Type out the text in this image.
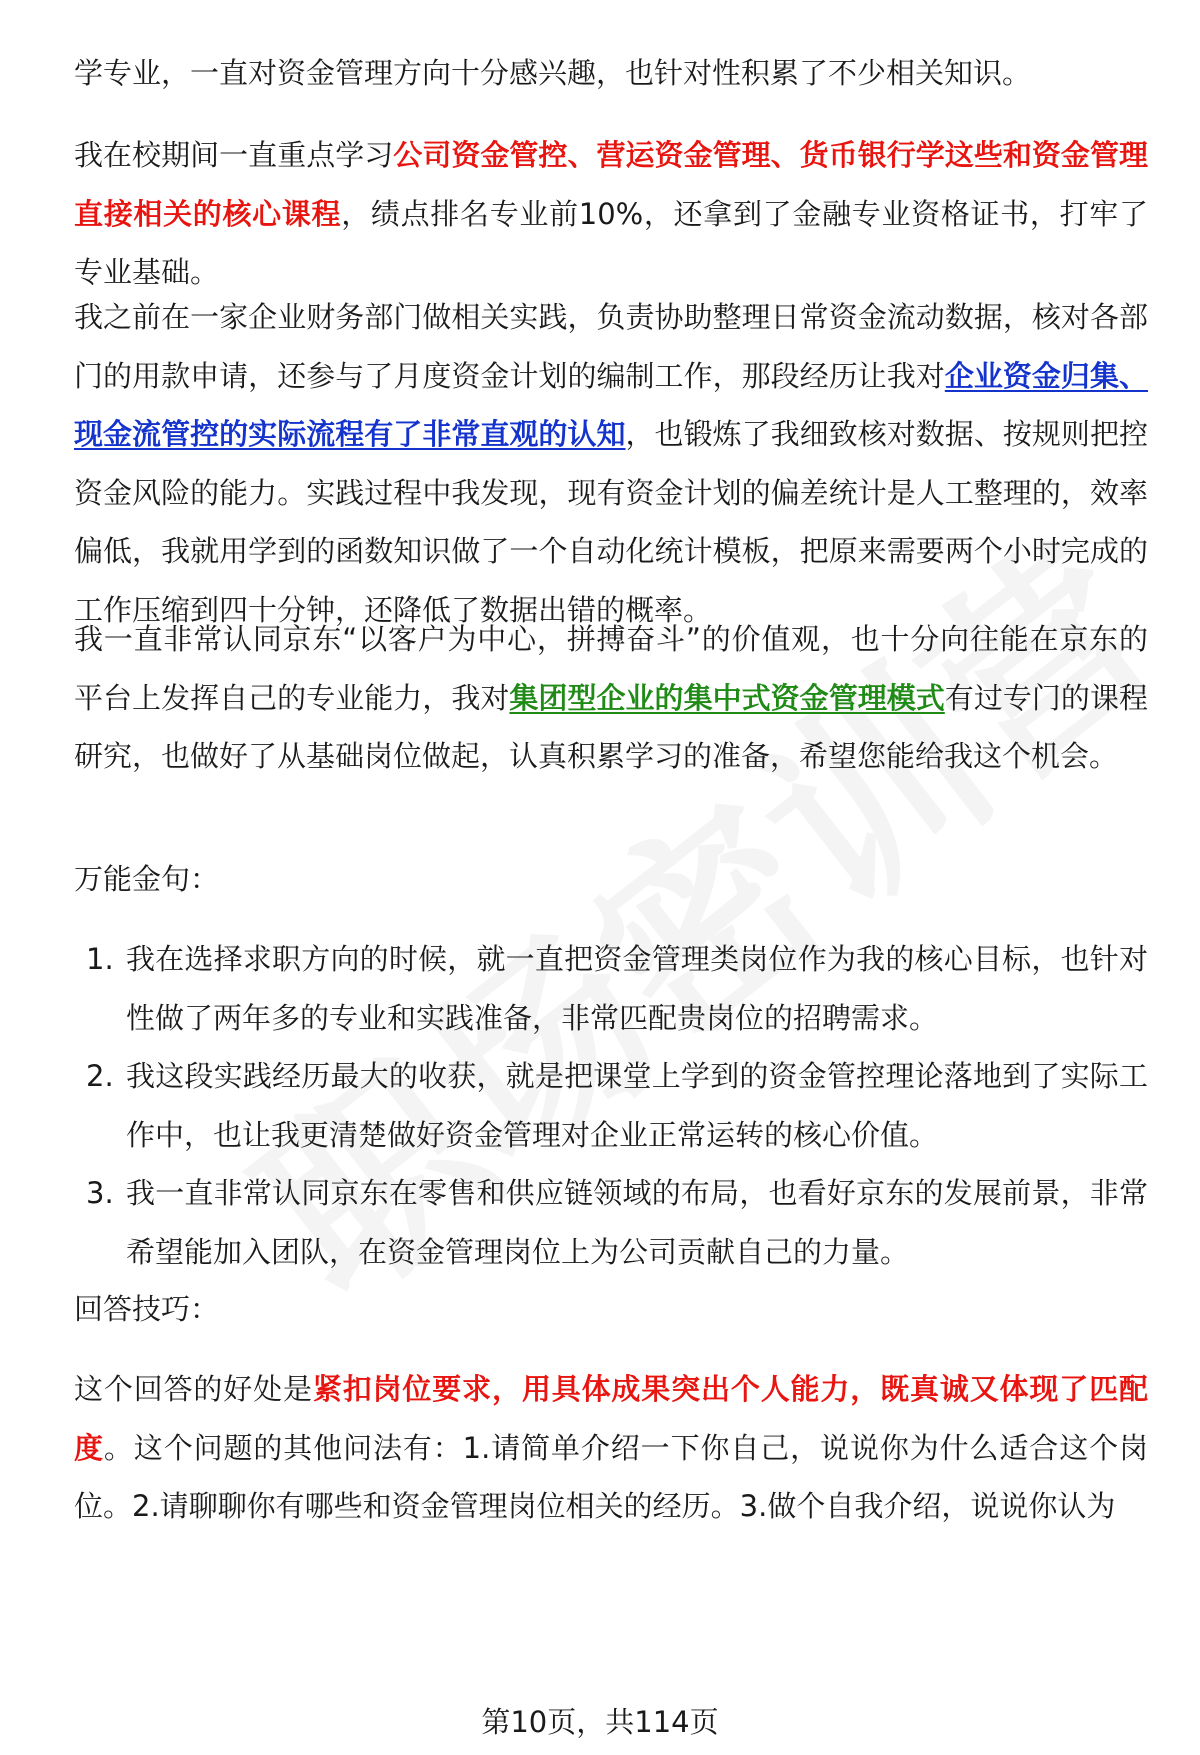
学专业，一直对资金管理方向十分感兴趣，也针对性积累了不少相关知识。

我在校期间一直重点学习公司资金管控、营运资金管理、货币银行学这些和资金管理直接相关的核心课程，绩点排名专业前10%，还拿到了金融专业资格证书，打牢了专业基础。

我之前在一家企业财务部门做相关实践，负责协助整理日常资金流动数据，核对各部门的用款申请，还参与了月度资金计划的编制工作，那段经历让我对企业资金归集、现金流管控的实际流程有了非常直观的认知，也锻炼了我细致核对数据、按规则把控资金风险的能力。实践过程中我发现，现有资金计划的偏差统计是人工整理的，效率偏低，我就用学到的函数知识做了一个自动化统计模板，把原来需要两个小时完成的工作压缩到四十分钟，还降低了数据出错的概率。

我一直非常认同京东“以客户为中心，拼搏奋斗”的价值观，也十分向往能在京东的平台上发挥自己的专业能力，我对集团型企业的集中式资金管理模式有过专门的课程研究，也做好了从基础岗位做起，认真积累学习的准备，希望您能给我这个机会。

万能金句：

1. 我在选择求职方向的时候，就一直把资金管理类岗位作为我的核心目标，也针对性做了两年多的专业和实践准备，非常匹配贵岗位的招聘需求。
2. 我这段实践经历最大的收获，就是把课堂上学到的资金管控理论落地到了实际工作中，也让我更清楚做好资金管理对企业正常运转的核心价值。
3. 我一直非常认同京东在零售和供应链领域的布局，也看好京东的发展前景，非常希望能加入团队，在资金管理岗位上为公司贡献自己的力量。

回答技巧：

这个回答的好处是紧扣岗位要求，用具体成果突出个人能力，既真诚又体现了匹配度。这个问题的其他问法有：1.请简单介绍一下你自己，说说你为什么适合这个岗位。2.请聊聊你有哪些和资金管理岗位相关的经历。3.做个自我介绍，说说你认为

第10页，共114页
